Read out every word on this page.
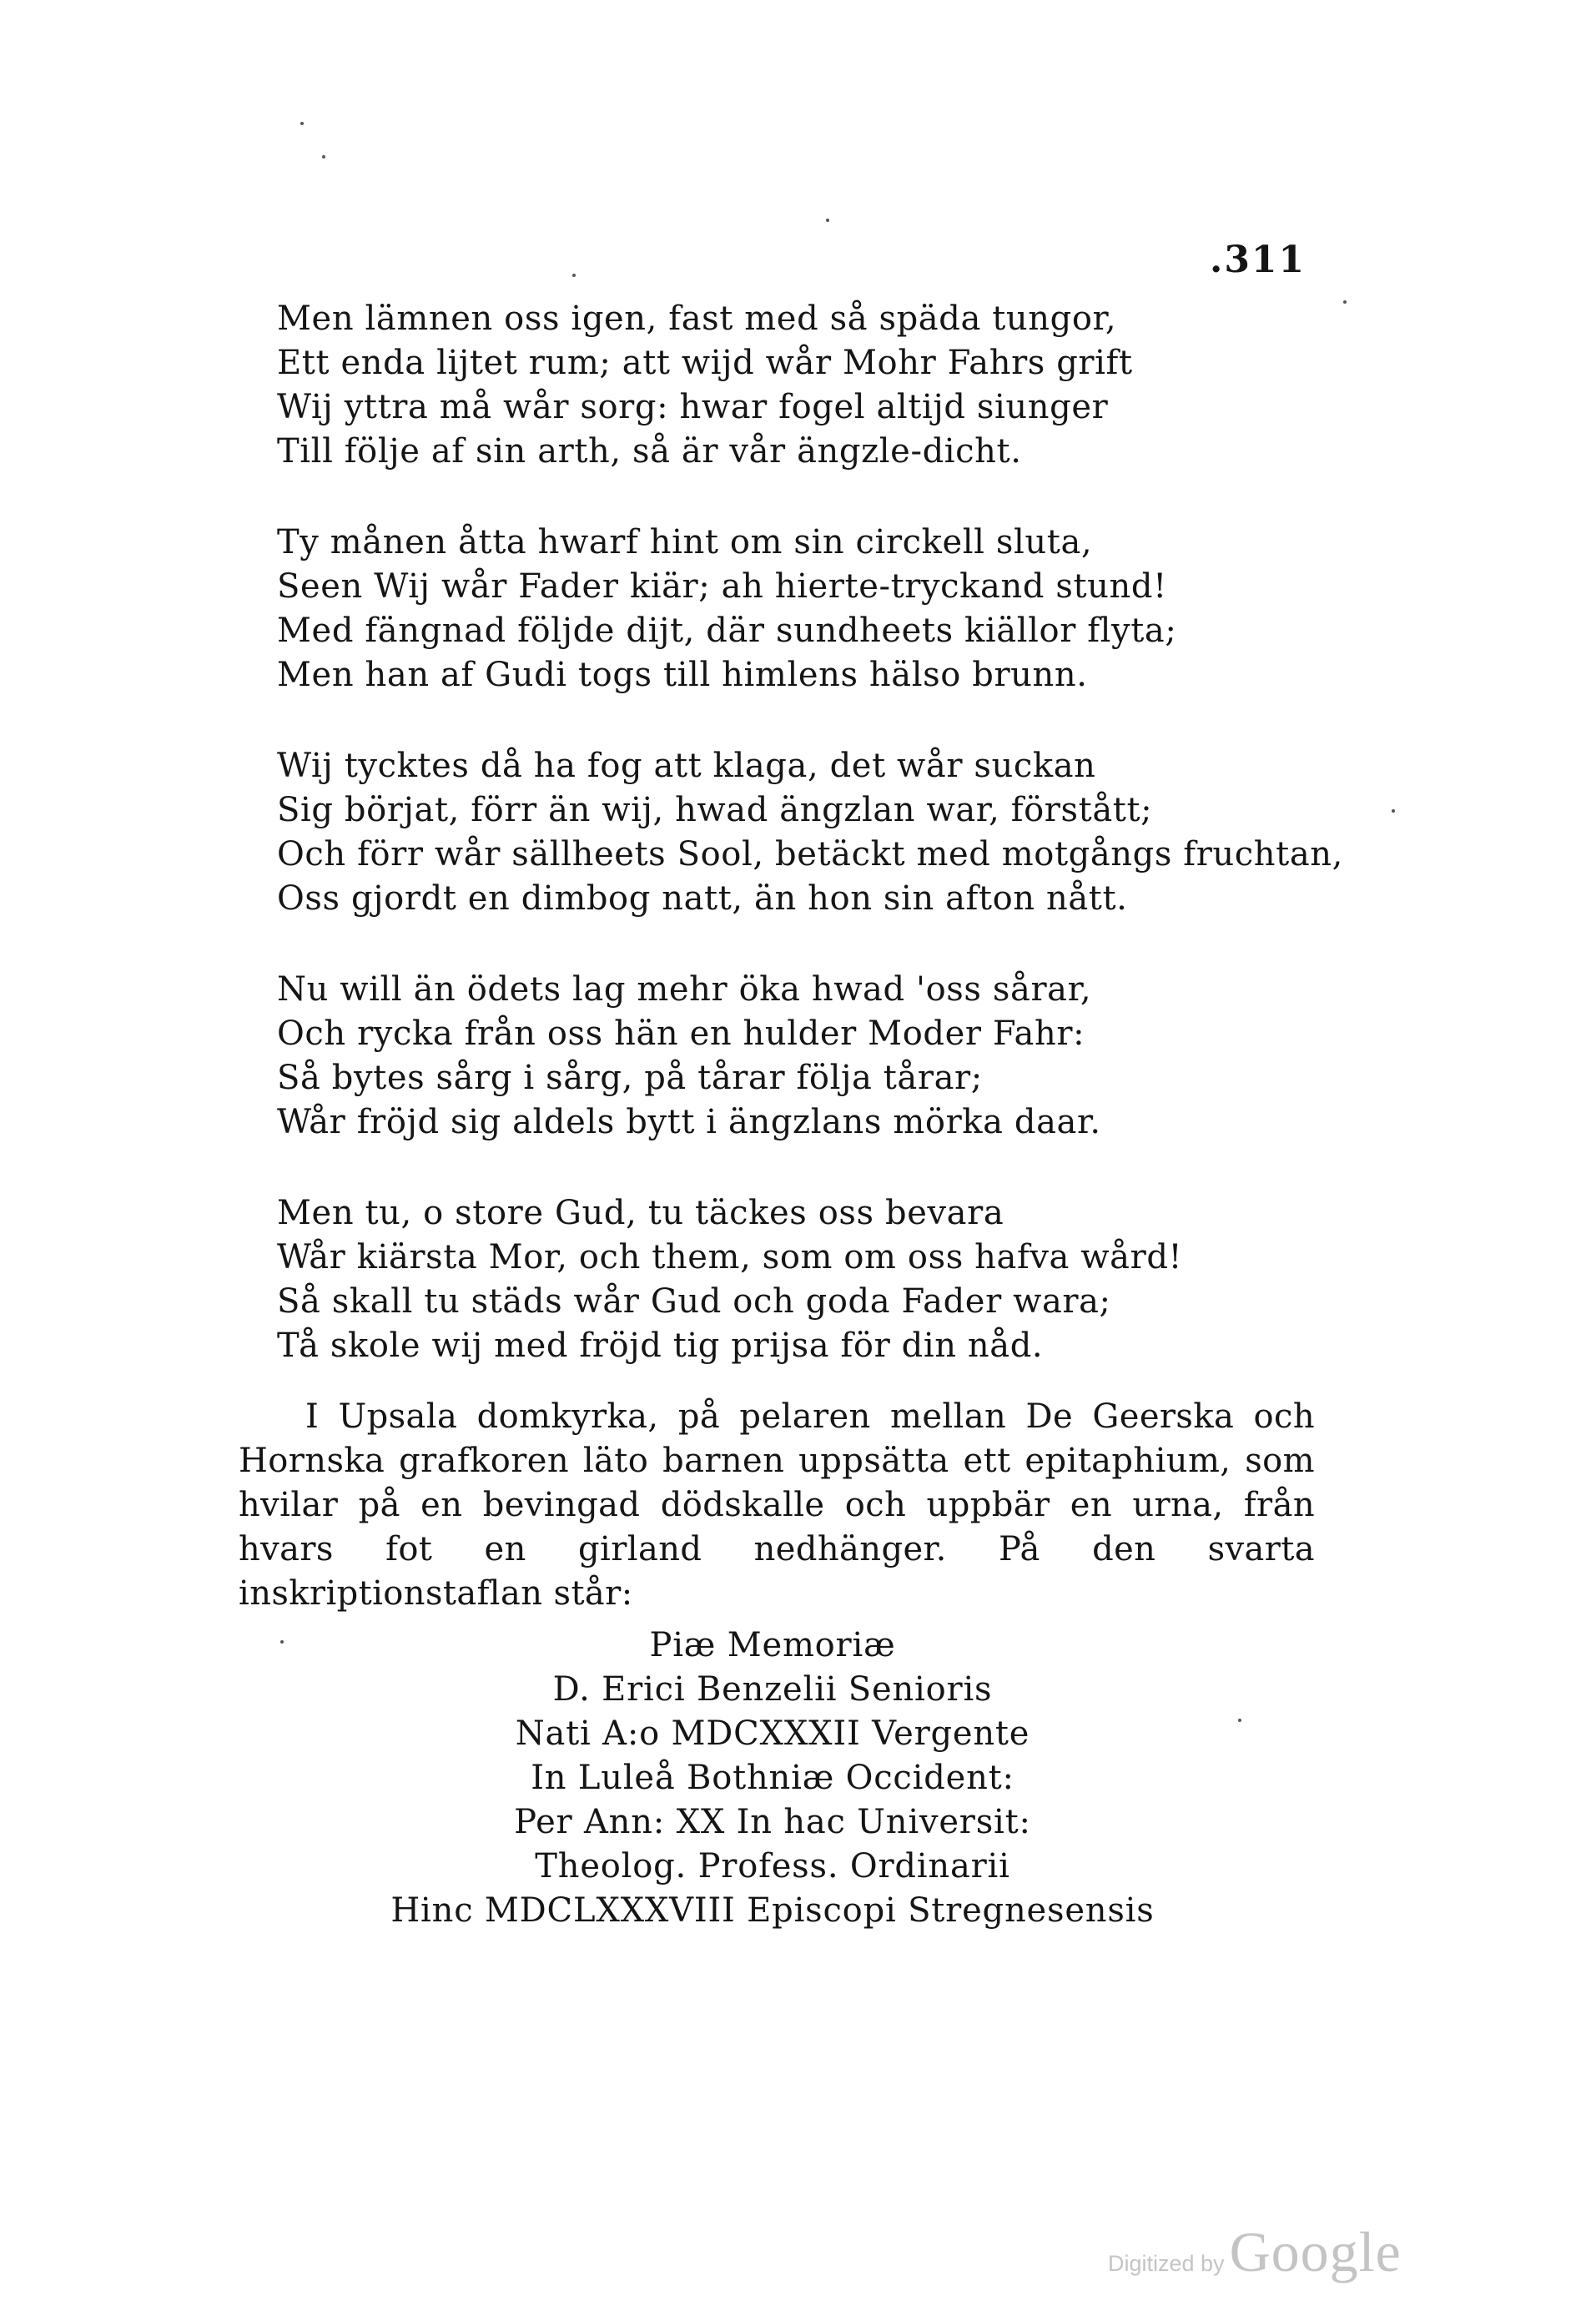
.311
Men lämnen oss igen, fast med så späda tungor,
Ett enda lijtet rum; att wijd wår Mohr Fahrs grift
Wij yttra må wår sorg: hwar fogel altijd siunger
Till följe af sin arth, så är vår ängzle-dicht.
Ty månen åtta hwarf hint om sin circkell sluta,
Seen Wij wår Fader kiär; ah hierte-tryckand stund!
Med fängnad följde dijt, där sundheets kiällor flyta;
Men han af Gudi togs till himlens hälso brunn.
Wij tycktes då ha fog att klaga, det wår suckan
Sig börjat, förr än wij, hwad ängzlan war, förstått;
Och förr wår sällheets Sool, betäckt med motgångs fruchtan,
Oss gjordt en dimbog natt, än hon sin afton nått.
Nu will än ödets lag mehr öka hwad 'oss sårar,
Och rycka från oss hän en hulder Moder Fahr:
Så bytes sårg i sårg, på tårar följa tårar;
Wår fröjd sig aldels bytt i ängzlans mörka daar.
Men tu, o store Gud, tu täckes oss bevara
Wår kiärsta Mor, och them, som om oss hafva wård!
Så skall tu städs wår Gud och goda Fader wara;
Tå skole wij med fröjd tig prijsa för din nåd.

I Upsala domkyrka, på pelaren mellan De Geerska och Hornska grafkoren läto barnen uppsätta ett epitaphium, som hvilar på en bevingad dödskalle och uppbär en urna, från hvars fot en girland nedhänger. På den svarta inskriptionstaflan står:

Piæ Memoriæ
D. Erici Benzelii Senioris
Nati A:o MDCXXXII Vergente
In Luleå Bothniæ Occident:
Per Ann: XX In hac Universit:
Theolog. Profess. Ordinarii
Hinc MDCLXXXVIII Episcopi Stregnesensis
Digitized by Google
